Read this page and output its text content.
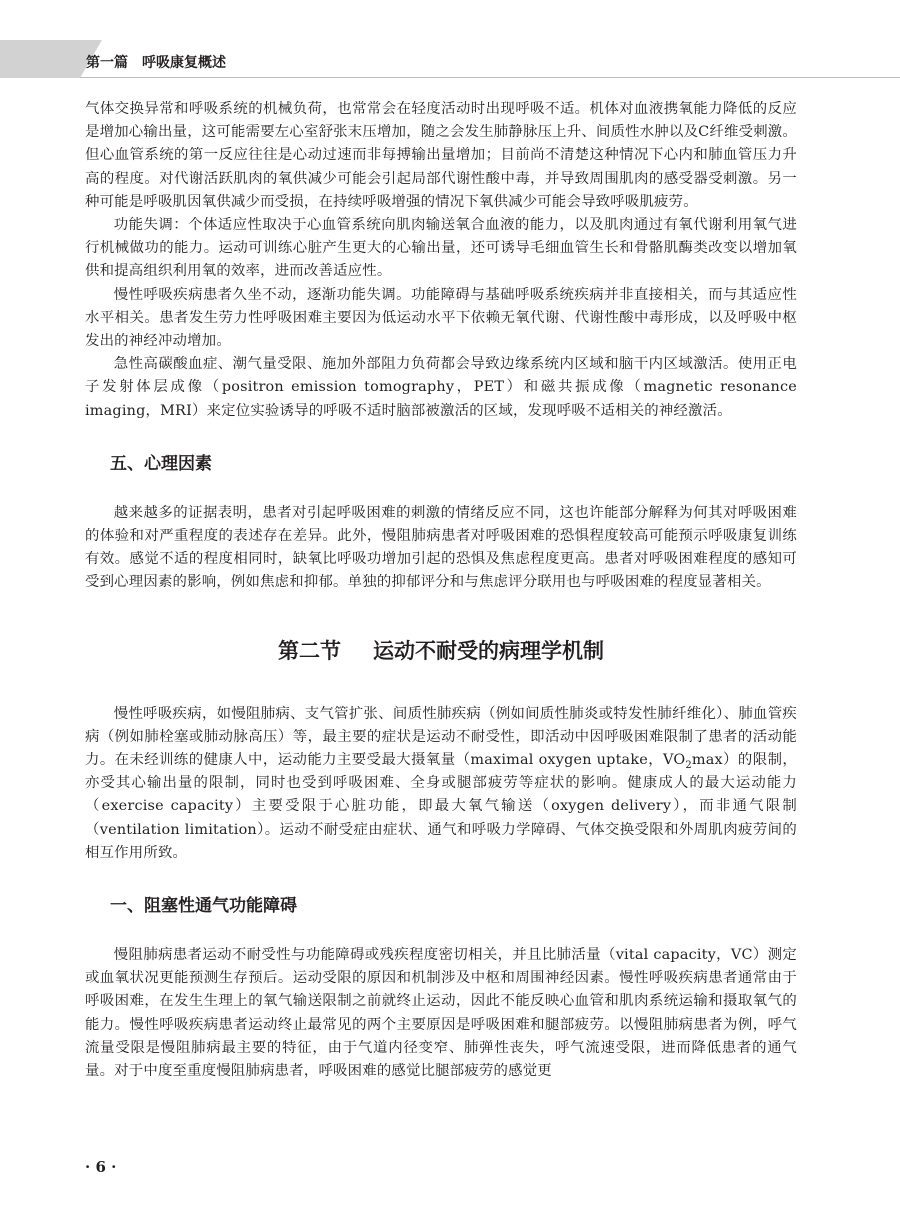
第一篇 呼吸康复概述

气体交换异常和呼吸系统的机械负荷，也常常会在轻度活动时出现呼吸不适。机体对血液携氧能力降低的反应是增加心输出量，这可能需要左心室舒张末压增加，随之会发生肺静脉压上升、间质性水肿以及C纤维受刺激。但心血管系统的第一反应往往是心动过速而非每搏输出量增加；目前尚不清楚这种情况下心内和肺血管压力升高的程度。对代谢活跃肌肉的氧供减少可能会引起局部代谢性酸中毒，并导致周围肌肉的感受器受刺激。另一种可能是呼吸肌因氧供减少而受损，在持续呼吸增强的情况下氧供减少可能会导致呼吸肌疲劳。

功能失调：个体适应性取决于心血管系统向肌肉输送氧合血液的能力，以及肌肉通过有氧代谢利用氧气进行机械做功的能力。运动可训练心脏产生更大的心输出量，还可诱导毛细血管生长和骨骼肌酶类改变以增加氧供和提高组织利用氧的效率，进而改善适应性。

慢性呼吸疾病患者久坐不动，逐渐功能失调。功能障碍与基础呼吸系统疾病并非直接相关，而与其适应性水平相关。患者发生劳力性呼吸困难主要因为低运动水平下依赖无氧代谢、代谢性酸中毒形成，以及呼吸中枢发出的神经冲动增加。

急性高碳酸血症、潮气量受限、施加外部阻力负荷都会导致边缘系统内区域和脑干内区域激活。使用正电子发射体层成像（positron emission tomography，PET）和磁共振成像（magnetic resonance imaging，MRI）来定位实验诱导的呼吸不适时脑部被激活的区域，发现呼吸不适相关的神经激活。

五、心理因素

越来越多的证据表明，患者对引起呼吸困难的刺激的情绪反应不同，这也许能部分解释为何其对呼吸困难的体验和对严重程度的表述存在差异。此外，慢阻肺病患者对呼吸困难的恐惧程度较高可能预示呼吸康复训练有效。感觉不适的程度相同时，缺氧比呼吸功增加引起的恐惧及焦虑程度更高。患者对呼吸困难程度的感知可受到心理因素的影响，例如焦虑和抑郁。单独的抑郁评分和与焦虑评分联用也与呼吸困难的程度显著相关。

第二节 运动不耐受的病理学机制

慢性呼吸疾病，如慢阻肺病、支气管扩张、间质性肺疾病（例如间质性肺炎或特发性肺纤维化）、肺血管疾病（例如肺栓塞或肺动脉高压）等，最主要的症状是运动不耐受性，即活动中因呼吸困难限制了患者的活动能力。在未经训练的健康人中，运动能力主要受最大摄氧量（maximal oxygen uptake，$VO_2\max$）的限制，亦受其心输出量的限制，同时也受到呼吸困难、全身或腿部疲劳等症状的影响。健康成人的最大运动能力（exercise capacity）主要受限于心脏功能，即最大氧气输送（oxygen delivery），而非通气限制（ventilation limitation）。运动不耐受症由症状、通气和呼吸力学障碍、气体交换受限和外周肌肉疲劳间的相互作用所致。

一、阻塞性通气功能障碍

慢阻肺病患者运动不耐受性与功能障碍或残疾程度密切相关，并且比肺活量（vital capacity，VC）测定或血氧状况更能预测生存预后。运动受限的原因和机制涉及中枢和周围神经因素。慢性呼吸疾病患者通常由于呼吸困难，在发生生理上的氧气输送限制之前就终止运动，因此不能反映心血管和肌肉系统运输和摄取氧气的能力。慢性呼吸疾病患者运动终止最常见的两个主要原因是呼吸困难和腿部疲劳。以慢阻肺病患者为例，呼气流量受限是慢阻肺病最主要的特征，由于气道内径变窄、肺弹性丧失，呼气流速受限，进而降低患者的通气量。对于中度至重度慢阻肺病患者，呼吸困难的感觉比腿部疲劳的感觉更

· 6 ·
